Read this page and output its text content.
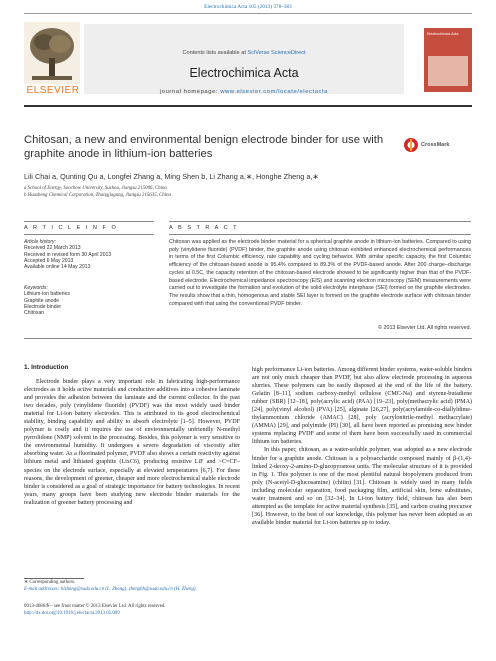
Electrochimica Acta 105 (2013) 378–383
ELSEVIER
Contents lists available at SciVerse ScienceDirect
Electrochimica Acta
journal homepage: www.elsevier.com/locate/electacta
Electrochimica Acta
Chitosan, a new and environmental benign electrode binder for use with graphite anode in lithium-ion batteries
CrossMark
Lili Chai a, Qunting Qu a, Longfei Zhang a, Ming Shen b, Li Zhang a,∗, Honghe Zheng a,∗
a School of Energy, Soochow University, Suzhou, Jiangsu 215006, China
b Huasheng Chemical Corporation, Zhangjiagang, Jiangsu 215635, China
A R T I C L E I N F O	A B S T R A C T
Article history:
Received 22 March 2013
Received in revised form 30 April 2013
Accepted 6 May 2013
Available online 14 May 2013
Keywords:
Lithium-ion batteries
Graphite anode
Electrode binder
Chitosan
Chitosan was applied as the electrode binder material for a spherical graphite anode in lithium-ion batteries. Compared to using poly (vinylidene fluoride) (PVDF) binder, the graphite anode using chitosan exhibited enhanced electrochemical performances in terms of the first Columbic efficiency, rate capability and cycling behavior. With similar specific capacity, the first Columbic efficiency of the chitosan-based anode is 95.4% compared to 89.3% of the PVDF-based anode. After 200 charge–discharge cycles at 0.5C, the capacity retention of the chitosan-based electrode showed to be significantly higher than that of the PVDF-based electrode. Electrochemical impedance spectroscopy (EIS) and scanning electron microscopy (SEM) measurements were carried out to investigate the formation and evolution of the solid electrolyte interphase (SEI) formed on the graphite electrodes. The results show that a thin, homogenous and stable SEI layer is formed on the graphite electrode surface with chitosan binder compared with that using the conventional PVDF binder.
© 2013 Elsevier Ltd. All rights reserved.
1. Introduction
Electrode binder plays a very important role in fabricating high-performance electrodes as it holds active materials and conductive additives into a cohesive laminate and provides the adhesion between the laminate and the current collector. In the past two decades, poly (vinylidene fluoride) (PVDF) was the most widely used binder material for Li-ion battery electrodes. This is attributed to its good electrochemical stability, binding capability and ability to absorb electrolyte [1–5]. However, PVDF polymer is costly and it requires the use of environmentally unfriendly N-methyl pyrrolidone (NMP) solvent in the processing. Besides, this polymer is very sensitive to the environmental humidity. It undergoes a severe degradation of viscosity after absorbing water. As a fluorinated polymer, PVDF also shows a certain reactivity against lithium metal and lithiated graphite (LixC6), producing resistive LiF and >C=CF– species on the electrode surface, especially at elevated temperatures [6,7]. For these reasons, the development of greener, cheaper and more electrochemical stable electrode binder is considered as a goal of strategic importance for battery technologies. In recent years, many groups have been studying new electrode binder materials for the realization of greener battery processing and

high performance Li-ion batteries. Among different binder systems, water-soluble binders are not only much cheaper than PVDF, but also allow electrode processing in aqueous slurries. These polymers can be easily disposed at the end of the life of the battery. Gelatin [8–11], sodium carboxy-methyl cellulose (CMC-Na) and styrene-butadiene rubber (SBR) [12–18], poly(acrylic acid) (PAA) [19–23], poly(methacrylic acid) (PMA) [24], poly(vinyl alcohol) (PVA) [25], alginate [26,27], poly(acrylamide-co-diallyldime-thylammonium chloride (AMAC) [28], poly (acrylonitrile-methyl methacrylate) (AMMA) [29], and polyimide (PI) [30], all have been reported as promising new binder systems replacing PVDF and some of them have been successfully used in commercial lithium ion batteries.

In this paper, chitosan, as a water-soluble polymer, was adopted as a new electrode binder for a graphite anode. Chitosan is a polysaccharide composed mainly of β-(1,4)-linked 2-deoxy-2-amino-D-glucopyranose units. The molecular structure of it is provided in Fig. 1. This polymer is one of the most plentiful natural biopolymers produced from poly (N-acetyl-D-glucosamine) (chitin) [31]. Chitosan is widely used in many fields including molecular separation, food packaging film, artificial skin, bone substitutes, water treatment and so on [32–34]. In Li-ion battery field, chitosan has also been attempted as the template for active material synthesis [35], and carbon coating precursor [36]. However, to the best of our knowledge, this polymer has never been adopted as an available binder material for Li-ion batteries up to today.

∗ Corresponding authors.
E-mail addresses: lilzhang@suda.edu.cn (L. Zhang), zhenghh@suda.edu.cn (H. Zheng).
0013-4686/$ – see front matter © 2013 Elsevier Ltd. All rights reserved.
http://dx.doi.org/10.1016/j.electacta.2013.05.009
